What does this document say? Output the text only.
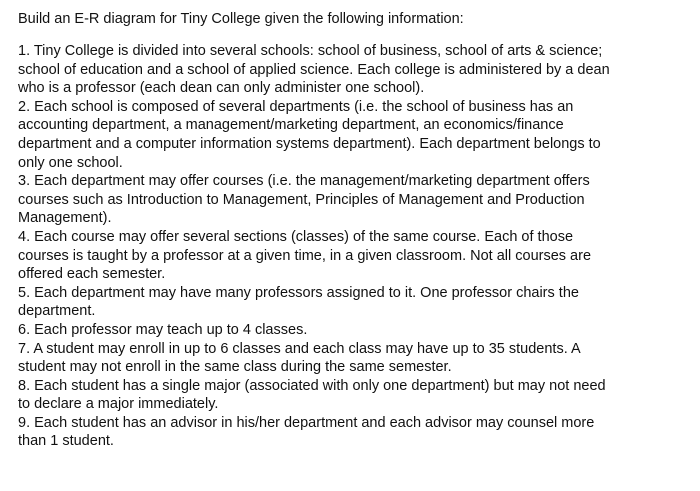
Build an E-R diagram for Tiny College given the following information:
1. Tiny College is divided into several schools: school of business, school of arts & science;
school of education and a school of applied science. Each college is administered by a dean
who is a professor (each dean can only administer one school).
2. Each school is composed of several departments (i.e. the school of business has an
accounting department, a management/marketing department, an economics/finance
department and a computer information systems department). Each department belongs to
only one school.
3. Each department may offer courses (i.e. the management/marketing department offers
courses such as Introduction to Management, Principles of Management and Production
Management).
4. Each course may offer several sections (classes) of the same course. Each of those
courses is taught by a professor at a given time, in a given classroom. Not all courses are
offered each semester.
5. Each department may have many professors assigned to it. One professor chairs the
department.
6. Each professor may teach up to 4 classes.
7. A student may enroll in up to 6 classes and each class may have up to 35 students. A
student may not enroll in the same class during the same semester.
8. Each student has a single major (associated with only one department) but may not need
to declare a major immediately.
9. Each student has an advisor in his/her department and each advisor may counsel more
than 1 student.
